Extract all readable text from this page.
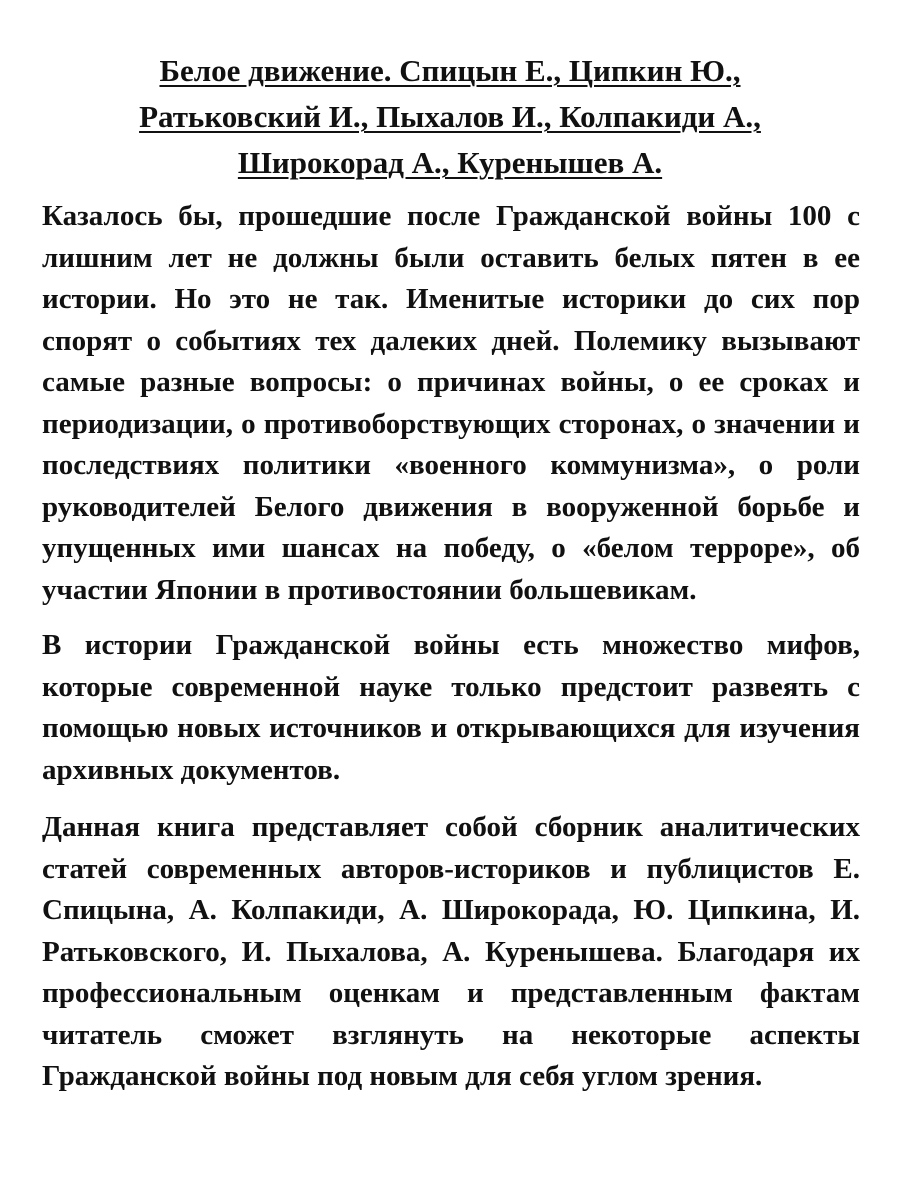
Белое движение. Спицын Е., Ципкин Ю.,
Ратьковский И., Пыхалов И., Колпакиди А.,
Широкорад А., Куренышев А.

Казалось бы, прошедшие после Гражданской войны 100 с лишним лет не должны были оставить белых пятен в ее истории. Но это не так. Именитые историки до сих пор спорят о событиях тех далеких дней. Полемику вызывают самые разные вопросы: о причинах войны, о ее сроках и периодизации, о противоборствующих сторонах, о значении и последствиях политики «военного коммунизма», о роли руководителей Белого движения в вооруженной борьбе и упущенных ими шансах на победу, о «белом терроре», об участии Японии в противостоянии большевикам.

В истории Гражданской войны есть множество мифов, которые современной науке только предстоит развеять с помощью новых источников и открывающихся для изучения архивных документов.

Данная книга представляет собой сборник аналитических статей современных авторов-историков и публицистов Е. Спицына, А. Колпакиди, А. Широкорада, Ю. Ципкина, И. Ратьковского, И. Пыхалова, А. Куренышева. Благодаря их профессиональным оценкам и представленным фактам читатель сможет взглянуть на некоторые аспекты Гражданской войны под новым для себя углом зрения.
